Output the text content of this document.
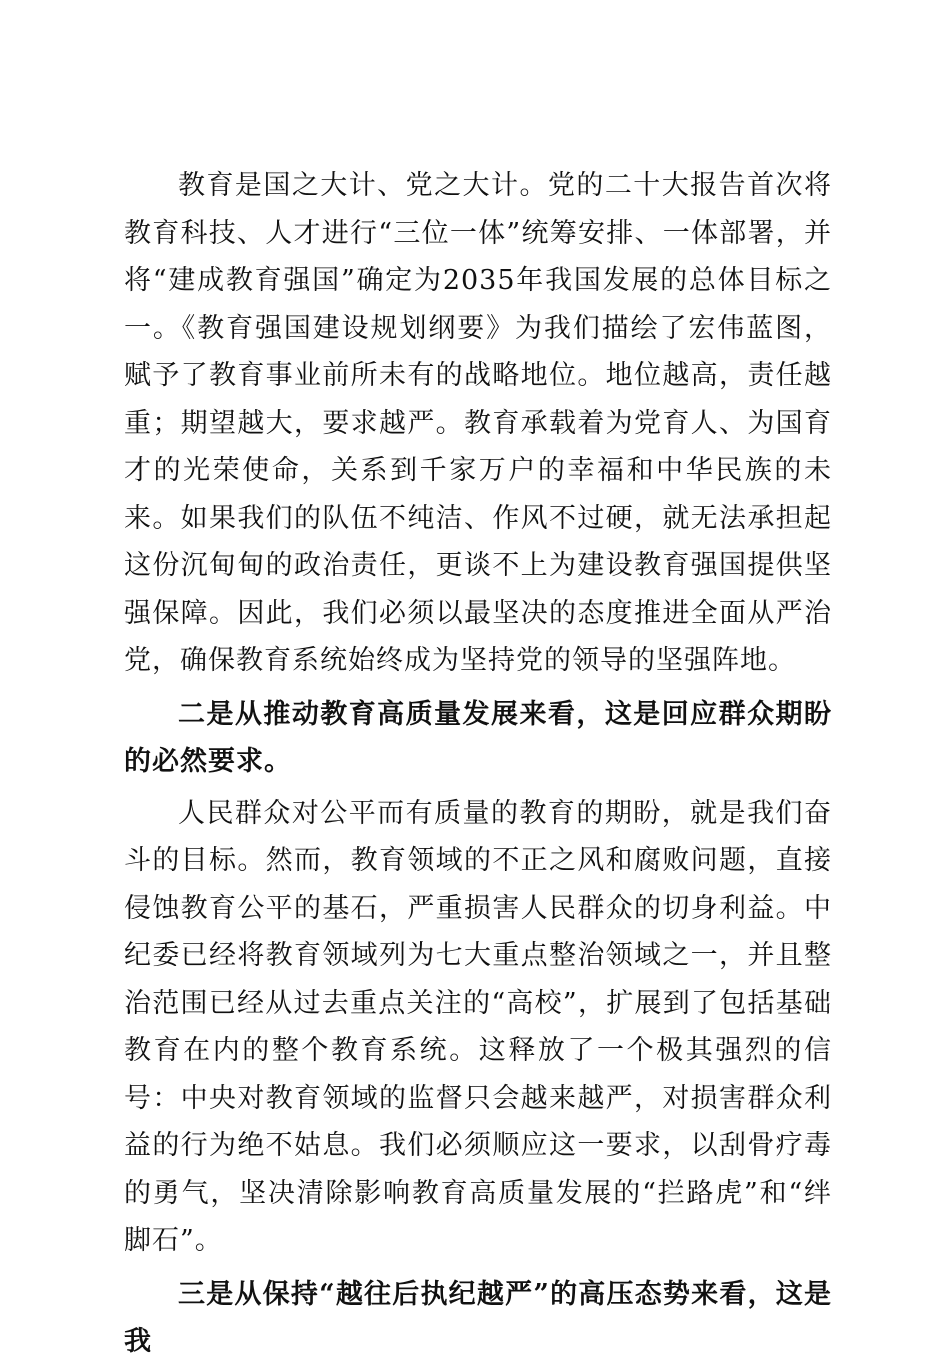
教育是国之大计、党之大计。党的二十大报告首次将教育科技、人才进行“三位一体”统筹安排、一体部署，并将“建成教育强国”确定为2035年我国发展的总体目标之一。《教育强国建设规划纲要》为我们描绘了宏伟蓝图，赋予了教育事业前所未有的战略地位。地位越高，责任越重；期望越大，要求越严。教育承载着为党育人、为国育才的光荣使命，关系到千家万户的幸福和中华民族的未来。如果我们的队伍不纯洁、作风不过硬，就无法承担起这份沉甸甸的政治责任，更谈不上为建设教育强国提供坚强保障。因此，我们必须以最坚决的态度推进全面从严治党，确保教育系统始终成为坚持党的领导的坚强阵地。

二是从推动教育高质量发展来看，这是回应群众期盼的必然要求。

人民群众对公平而有质量的教育的期盼，就是我们奋斗的目标。然而，教育领域的不正之风和腐败问题，直接侵蚀教育公平的基石，严重损害人民群众的切身利益。中纪委已经将教育领域列为七大重点整治领域之一，并且整治范围已经从过去重点关注的“高校”，扩展到了包括基础教育在内的整个教育系统。这释放了一个极其强烈的信号：中央对教育领域的监督只会越来越严，对损害群众利益的行为绝不姑息。我们必须顺应这一要求，以刮骨疗毒的勇气，坚决清除影响教育高质量发展的“拦路虎”和“绊脚石”。

三是从保持“越往后执纪越严”的高压态势来看，这是我
